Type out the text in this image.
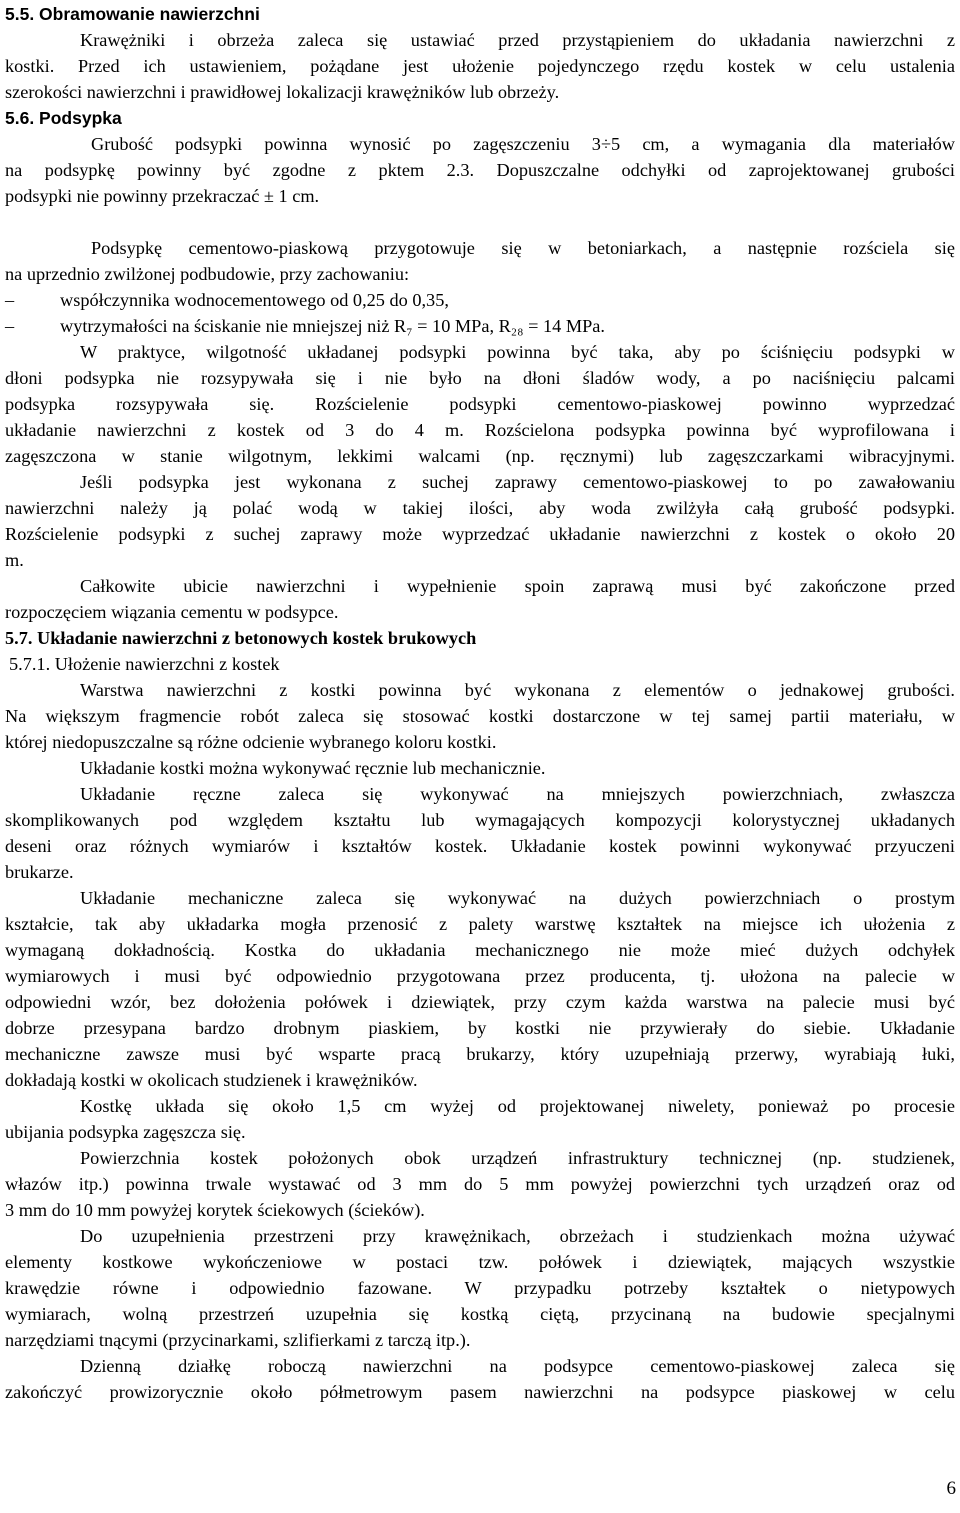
5.5. Obramowanie nawierzchni
Krawężniki i obrzeża zaleca się ustawiać przed przystąpieniem do układania nawierzchni z
kostki. Przed ich ustawieniem, pożądane jest ułożenie pojedynczego rzędu kostek w celu ustalenia
szerokości nawierzchni i prawidłowej lokalizacji krawężników lub obrzeży.
5.6. Podsypka
Grubość podsypki powinna wynosić po zagęszczeniu 3÷5 cm, a wymagania dla materiałów
na podsypkę powinny być zgodne z pktem 2.3. Dopuszczalne odchyłki od zaprojektowanej grubości
podsypki nie powinny przekraczać ± 1 cm.
Podsypkę cementowo-piaskową przygotowuje się w betoniarkach, a następnie rozściela się
na uprzednio zwilżonej podbudowie, przy zachowaniu:
– współczynnika wodnocementowego od 0,25 do 0,35,
– wytrzymałości na ściskanie nie mniejszej niż R₇ = 10 MPa, R₂₈ = 14 MPa.
W praktyce, wilgotność układanej podsypki powinna być taka, aby po ściśnięciu podsypki w
dłoni podsypka nie rozsypywała się i nie było na dłoni śladów wody, a po naciśnięciu palcami
podsypka rozsypywała się. Rozścielenie podsypki cementowo-piaskowej powinno wyprzedzać
układanie nawierzchni z kostek od 3 do 4 m. Rozścielona podsypka powinna być wyprofilowana i
zagęszczona w stanie wilgotnym, lekkimi walcami (np. ręcznymi) lub zagęszczarkami wibracyjnymi.
Jeśli podsypka jest wykonana z suchej zaprawy cementowo-piaskowej to po zawałowaniu
nawierzchni należy ją polać wodą w takiej ilości, aby woda zwilżyła całą grubość podsypki.
Rozścielenie podsypki z suchej zaprawy może wyprzedzać układanie nawierzchni z kostek o około 20
m.
Całkowite ubicie nawierzchni i wypełnienie spoin zaprawą musi być zakończone przed
rozpoczęciem wiązania cementu w podsypce.
5.7. Układanie nawierzchni z betonowych kostek brukowych
5.7.1. Ułożenie nawierzchni z kostek
Warstwa nawierzchni z kostki powinna być wykonana z elementów o jednakowej grubości.
Na większym fragmencie robót zaleca się stosować kostki dostarczone w tej samej partii materiału, w
której niedopuszczalne są różne odcienie wybranego koloru kostki.
Układanie kostki można wykonywać ręcznie lub mechanicznie.
Układanie ręczne zaleca się wykonywać na mniejszych powierzchniach, zwłaszcza
skomplikowanych pod względem kształtu lub wymagających kompozycji kolorystycznej układanych
deseni oraz różnych wymiarów i kształtów kostek. Układanie kostek powinni wykonywać przyuczeni
brukarze.
Układanie mechaniczne zaleca się wykonywać na dużych powierzchniach o prostym
kształcie, tak aby układarka mogła przenosić z palety warstwę kształtek na miejsce ich ułożenia z
wymaganą dokładnością. Kostka do układania mechanicznego nie może mieć dużych odchyłek
wymiarowych i musi być odpowiednio przygotowana przez producenta, tj. ułożona na palecie w
odpowiedni wzór, bez dołożenia połówek i dziewiątek, przy czym każda warstwa na palecie musi być
dobrze przesypana bardzo drobnym piaskiem, by kostki nie przywierały do siebie. Układanie
mechaniczne zawsze musi być wsparte pracą brukarzy, który uzupełniają przerwy, wyrabiają łuki,
dokładają kostki w okolicach studzienek i krawężników.
Kostkę układa się około 1,5 cm wyżej od projektowanej niwelety, ponieważ po procesie
ubijania podsypka zagęszcza się.
Powierzchnia kostek położonych obok urządzeń infrastruktury technicznej (np. studzienek,
włazów itp.) powinna trwale wystawać od 3 mm do 5 mm powyżej powierzchni tych urządzeń oraz od
3 mm do 10 mm powyżej korytek ściekowych (ścieków).
Do uzupełnienia przestrzeni przy krawężnikach, obrzeżach i studzienkach można używać
elementy kostkowe wykończeniowe w postaci tzw. połówek i dziewiątek, mających wszystkie
krawędzie równe i odpowiednio fazowane. W przypadku potrzeby kształtek o nietypowych
wymiarach, wolną przestrzeń uzupełnia się kostką ciętą, przycinaną na budowie specjalnymi
narzędziami tnącymi (przycinarkami, szlifierkami z tarczą itp.).
Dzienną działkę roboczą nawierzchni na podsypce cementowo-piaskowej zaleca się
zakończyć prowizorycznie około półmetrowym pasem nawierzchni na podsypce piaskowej w celu
6
